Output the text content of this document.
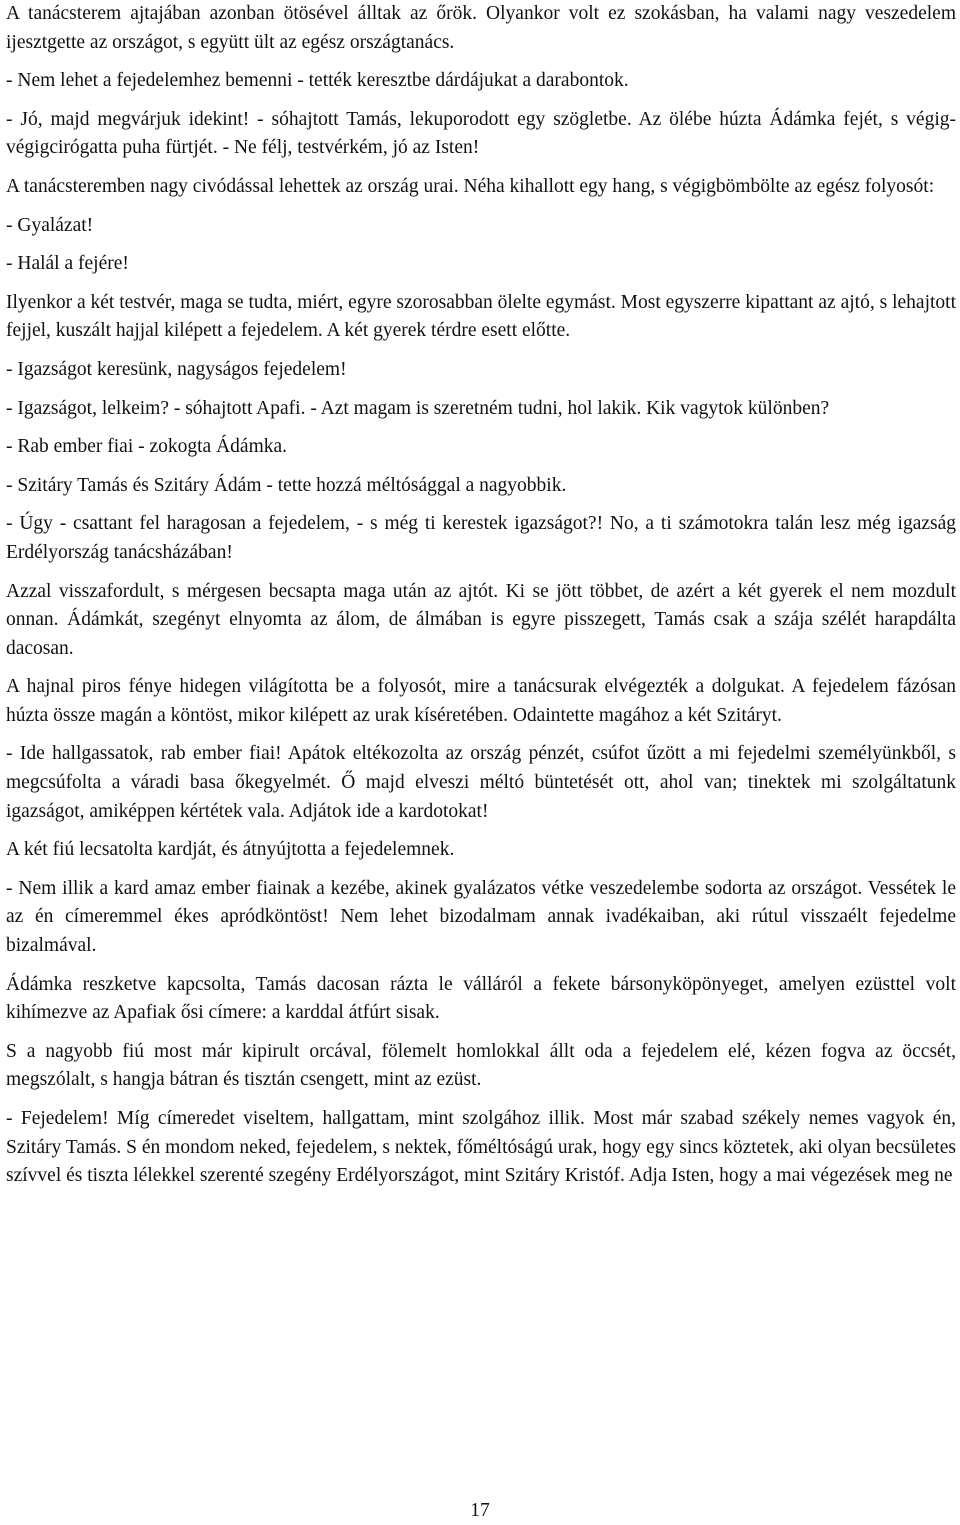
A tanácsterem ajtajában azonban ötösével álltak az őrök. Olyankor volt ez szokásban, ha valami nagy veszedelem ijesztgette az országot, s együtt ült az egész országtanács.

- Nem lehet a fejedelemhez bemenni - tették keresztbe dárdájukat a darabontok.

- Jó, majd megvárjuk idekint! - sóhajtott Tamás, lekuporodott egy szögletbe. Az ölébe húzta Ádámka fejét, s végig-végigcirógatta puha fürtjét. - Ne félj, testvérkém, jó az Isten!

A tanácsteremben nagy civódással lehettek az ország urai. Néha kihallott egy hang, s végigbömbölte az egész folyosót:

- Gyalázat!

- Halál a fejére!

Ilyenkor a két testvér, maga se tudta, miért, egyre szorosabban ölelte egymást. Most egyszerre kipattant az ajtó, s lehajtott fejjel, kuszált hajjal kilépett a fejedelem. A két gyerek térdre esett előtte.

- Igazságot keresünk, nagyságos fejedelem!

- Igazságot, lelkeim? - sóhajtott Apafi. - Azt magam is szeretném tudni, hol lakik. Kik vagytok különben?

- Rab ember fiai - zokogta Ádámka.

- Szitáry Tamás és Szitáry Ádám - tette hozzá méltósággal a nagyobbik.

- Úgy - csattant fel haragosan a fejedelem, - s még ti kerestek igazságot?! No, a ti számotokra talán lesz még igazság Erdélyország tanácsházában!

Azzal visszafordult, s mérgesen becsapta maga után az ajtót. Ki se jött többet, de azért a két gyerek el nem mozdult onnan. Ádámkát, szegényt elnyomta az álom, de álmában is egyre pisszegett, Tamás csak a szája szélét harapdálta dacosan.

A hajnal piros fénye hidegen világította be a folyosót, mire a tanácsurak elvégezték a dolgukat. A fejedelem fázósan húzta össze magán a köntöst, mikor kilépett az urak kíséretében. Odaintette magához a két Szitáryt.

- Ide hallgassatok, rab ember fiai! Apátok eltékozolta az ország pénzét, csúfot űzött a mi fejedelmi személyünkből, s megcsúfolta a váradi basa őkegyelmét. Ő majd elveszi méltó büntetését ott, ahol van; tinektek mi szolgáltatunk igazságot, amiképpen kértétek vala. Adjátok ide a kardotokat!

A két fiú lecsatolta kardját, és átnyújtotta a fejedelemnek.

- Nem illik a kard amaz ember fiainak a kezébe, akinek gyalázatos vétke veszedelembe sodorta az országot. Vessétek le az én címeremmel ékes apródköntöst! Nem lehet bizodalmam annak ivadékaiban, aki rútul visszaélt fejedelme bizalmával.

Ádámka reszketve kapcsolta, Tamás dacosan rázta le válláról a fekete bársonyköpönyeget, amelyen ezüsttel volt kihímezve az Apafiak ősi címere: a karddal átfúrt sisak.

S a nagyobb fiú most már kipirult orcával, fölemelt homlokkal állt oda a fejedelem elé, kézen fogva az öccsét, megszólalt, s hangja bátran és tisztán csengett, mint az ezüst.

- Fejedelem! Míg címeredet viseltem, hallgattam, mint szolgához illik. Most már szabad székely nemes vagyok én, Szitáry Tamás. S én mondom neked, fejedelem, s nektek, főméltóságú urak, hogy egy sincs köztetek, aki olyan becsületes szívvel és tiszta lélekkel szerenté szegény Erdélyországot, mint Szitáry Kristóf. Adja Isten, hogy a mai végezések meg ne

17
